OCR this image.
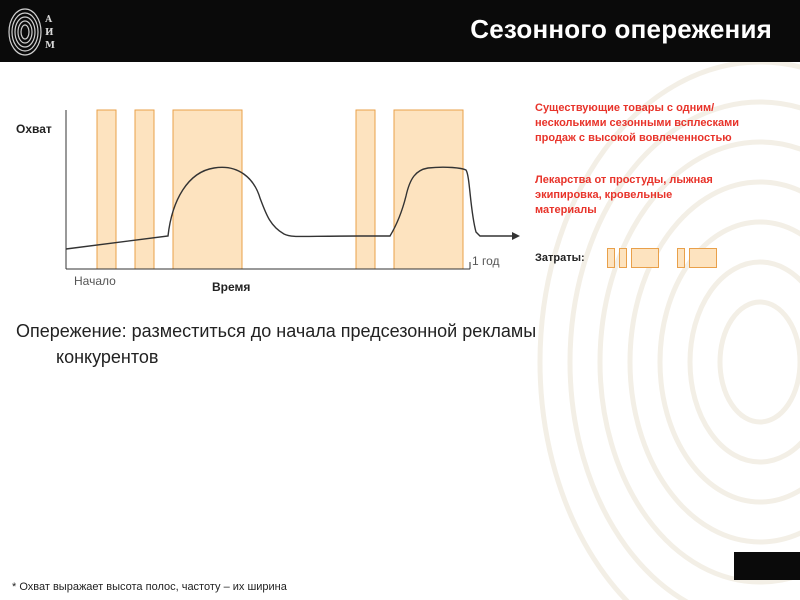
А
И
М
Сезонного опережения
Охват
Начало	Время
1 год
Существующие товары с одним/несколькими сезонными всплесками продаж с высокой вовлеченностью
Лекарства от простуды, лыжная экипировка, кровельные материалы
Затраты:
Опережение: разместиться до начала предсезонной рекламы
конкурентов
* Охват выражает высота полос, частоту – их ширина
